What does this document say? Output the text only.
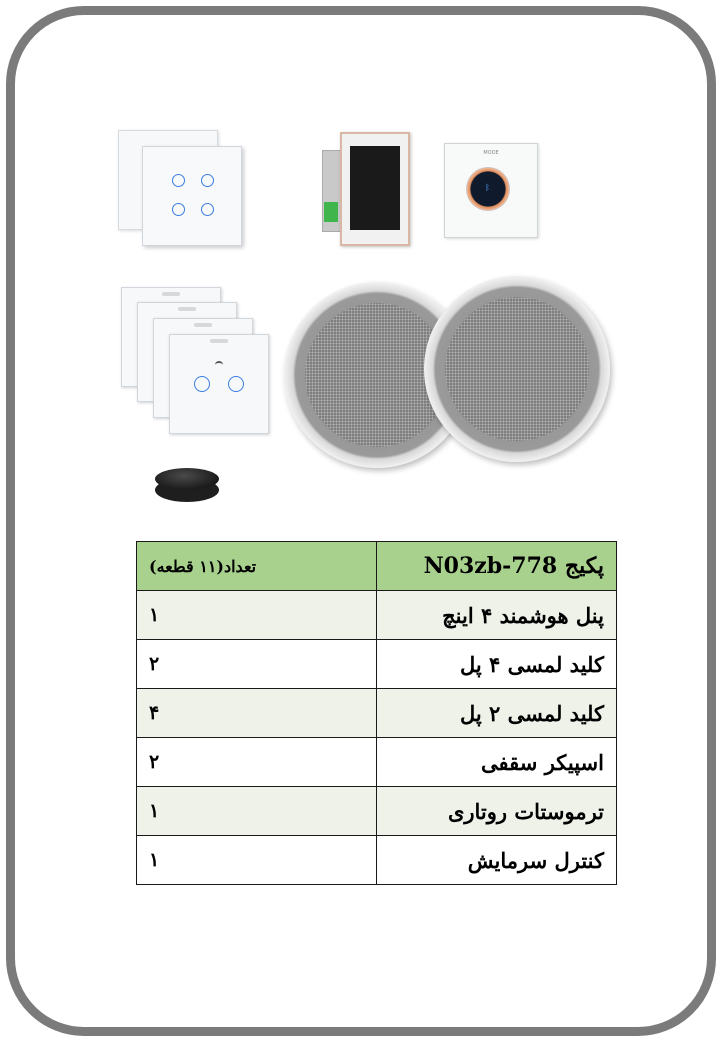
MODE
ᛒ
پکیج N03zb-778	تعداد(۱۱ قطعه)
پنل هوشمند ۴ اینچ	۱
کلید لمسی ۴ پل	۲
کلید لمسی ۲ پل	۴
اسپیکر سقفی	۲
ترموستات روتاری	۱
کنترل سرمایش	۱
